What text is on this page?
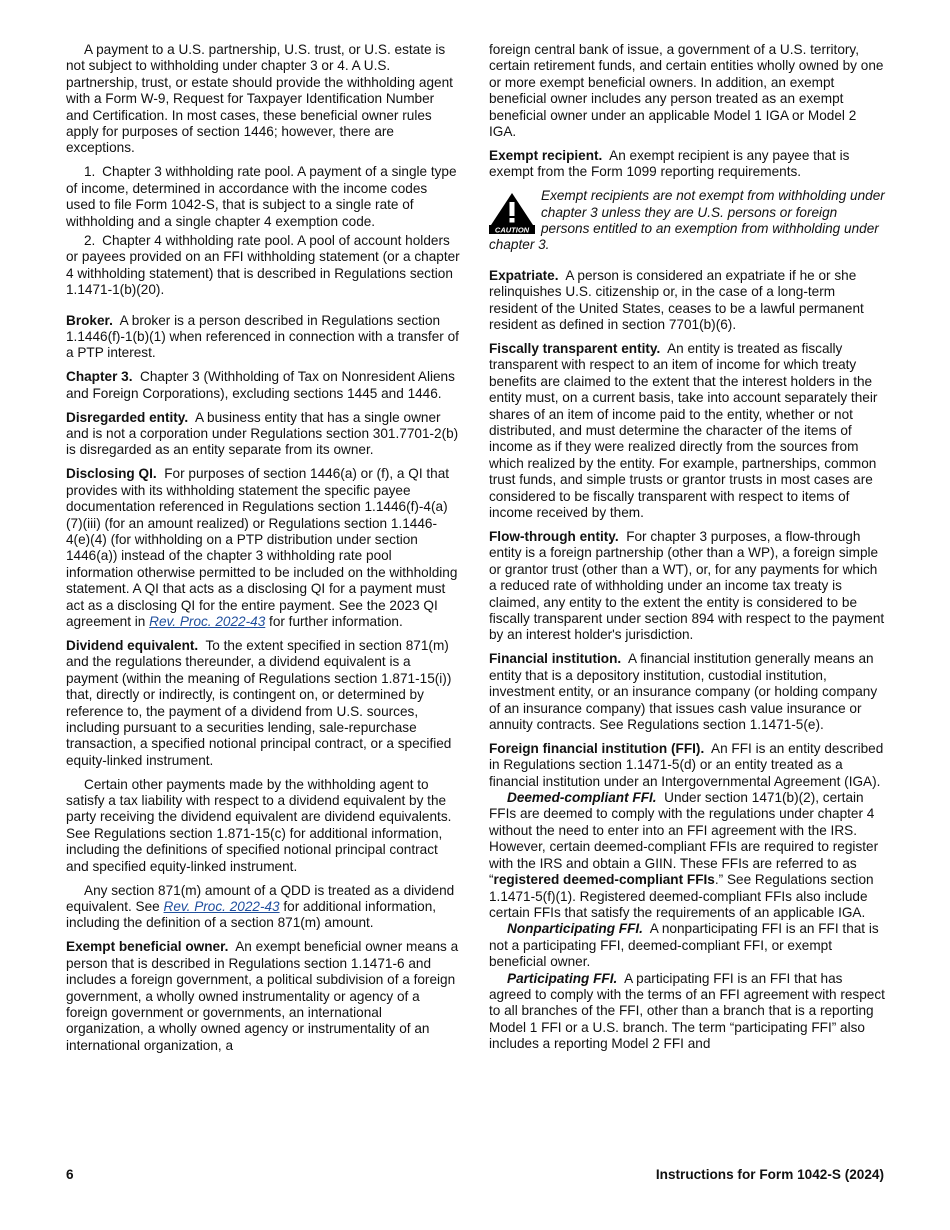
A payment to a U.S. partnership, U.S. trust, or U.S. estate is not subject to withholding under chapter 3 or 4. A U.S. partnership, trust, or estate should provide the withholding agent with a Form W-9, Request for Taxpayer Identification Number and Certification. In most cases, these beneficial owner rules apply for purposes of section 1446; however, there are exceptions.

1. Chapter 3 withholding rate pool. A payment of a single type of income, determined in accordance with the income codes used to file Form 1042-S, that is subject to a single rate of withholding and a single chapter 4 exemption code.

2. Chapter 4 withholding rate pool. A pool of account holders or payees provided on an FFI withholding statement (or a chapter 4 withholding statement) that is described in Regulations section 1.1471-1(b)(20).

Broker. A broker is a person described in Regulations section 1.1446(f)-1(b)(1) when referenced in connection with a transfer of a PTP interest.

Chapter 3. Chapter 3 (Withholding of Tax on Nonresident Aliens and Foreign Corporations), excluding sections 1445 and 1446.

Disregarded entity. A business entity that has a single owner and is not a corporation under Regulations section 301.7701-2(b) is disregarded as an entity separate from its owner.

Disclosing QI. For purposes of section 1446(a) or (f), a QI that provides with its withholding statement the specific payee documentation referenced in Regulations section 1.1446(f)-4(a)(7)(iii) (for an amount realized) or Regulations section 1.1446-4(e)(4) (for withholding on a PTP distribution under section 1446(a)) instead of the chapter 3 withholding rate pool information otherwise permitted to be included on the withholding statement. A QI that acts as a disclosing QI for a payment must act as a disclosing QI for the entire payment. See the 2023 QI agreement in Rev. Proc. 2022-43 for further information.

Dividend equivalent. To the extent specified in section 871(m) and the regulations thereunder, a dividend equivalent is a payment (within the meaning of Regulations section 1.871-15(i)) that, directly or indirectly, is contingent on, or determined by reference to, the payment of a dividend from U.S. sources, including pursuant to a securities lending, sale-repurchase transaction, a specified notional principal contract, or a specified equity-linked instrument.

Certain other payments made by the withholding agent to satisfy a tax liability with respect to a dividend equivalent by the party receiving the dividend equivalent are dividend equivalents. See Regulations section 1.871-15(c) for additional information, including the definitions of specified notional principal contract and specified equity-linked instrument.

Any section 871(m) amount of a QDD is treated as a dividend equivalent. See Rev. Proc. 2022-43 for additional information, including the definition of a section 871(m) amount.

Exempt beneficial owner. An exempt beneficial owner means a person that is described in Regulations section 1.1471-6 and includes a foreign government, a political subdivision of a foreign government, a wholly owned instrumentality or agency of a foreign government or governments, an international organization, a wholly owned agency or instrumentality of an international organization, a

foreign central bank of issue, a government of a U.S. territory, certain retirement funds, and certain entities wholly owned by one or more exempt beneficial owners. In addition, an exempt beneficial owner includes any person treated as an exempt beneficial owner under an applicable Model 1 IGA or Model 2 IGA.

Exempt recipient. An exempt recipient is any payee that is exempt from the Form 1099 reporting requirements.

CAUTION
Exempt recipients are not exempt from withholding under chapter 3 unless they are U.S. persons or foreign persons entitled to an exemption from withholding under chapter 3.

Expatriate. A person is considered an expatriate if he or she relinquishes U.S. citizenship or, in the case of a long-term resident of the United States, ceases to be a lawful permanent resident as defined in section 7701(b)(6).

Fiscally transparent entity. An entity is treated as fiscally transparent with respect to an item of income for which treaty benefits are claimed to the extent that the interest holders in the entity must, on a current basis, take into account separately their shares of an item of income paid to the entity, whether or not distributed, and must determine the character of the items of income as if they were realized directly from the sources from which realized by the entity. For example, partnerships, common trust funds, and simple trusts or grantor trusts in most cases are considered to be fiscally transparent with respect to items of income received by them.

Flow-through entity. For chapter 3 purposes, a flow-through entity is a foreign partnership (other than a WP), a foreign simple or grantor trust (other than a WT), or, for any payments for which a reduced rate of withholding under an income tax treaty is claimed, any entity to the extent the entity is considered to be fiscally transparent under section 894 with respect to the payment by an interest holder's jurisdiction.

Financial institution. A financial institution generally means an entity that is a depository institution, custodial institution, investment entity, or an insurance company (or holding company of an insurance company) that issues cash value insurance or annuity contracts. See Regulations section 1.1471-5(e).

Foreign financial institution (FFI). An FFI is an entity described in Regulations section 1.1471-5(d) or an entity treated as a financial institution under an Intergovernmental Agreement (IGA).

Deemed-compliant FFI. Under section 1471(b)(2), certain FFIs are deemed to comply with the regulations under chapter 4 without the need to enter into an FFI agreement with the IRS. However, certain deemed-compliant FFIs are required to register with the IRS and obtain a GIIN. These FFIs are referred to as “registered deemed-compliant FFIs.” See Regulations section 1.1471-5(f)(1). Registered deemed-compliant FFIs also include certain FFIs that satisfy the requirements of an applicable IGA.

Nonparticipating FFI. A nonparticipating FFI is an FFI that is not a participating FFI, deemed-compliant FFI, or exempt beneficial owner.

Participating FFI. A participating FFI is an FFI that has agreed to comply with the terms of an FFI agreement with respect to all branches of the FFI, other than a branch that is a reporting Model 1 FFI or a U.S. branch. The term “participating FFI” also includes a reporting Model 2 FFI and

6	Instructions for Form 1042-S (2024)
